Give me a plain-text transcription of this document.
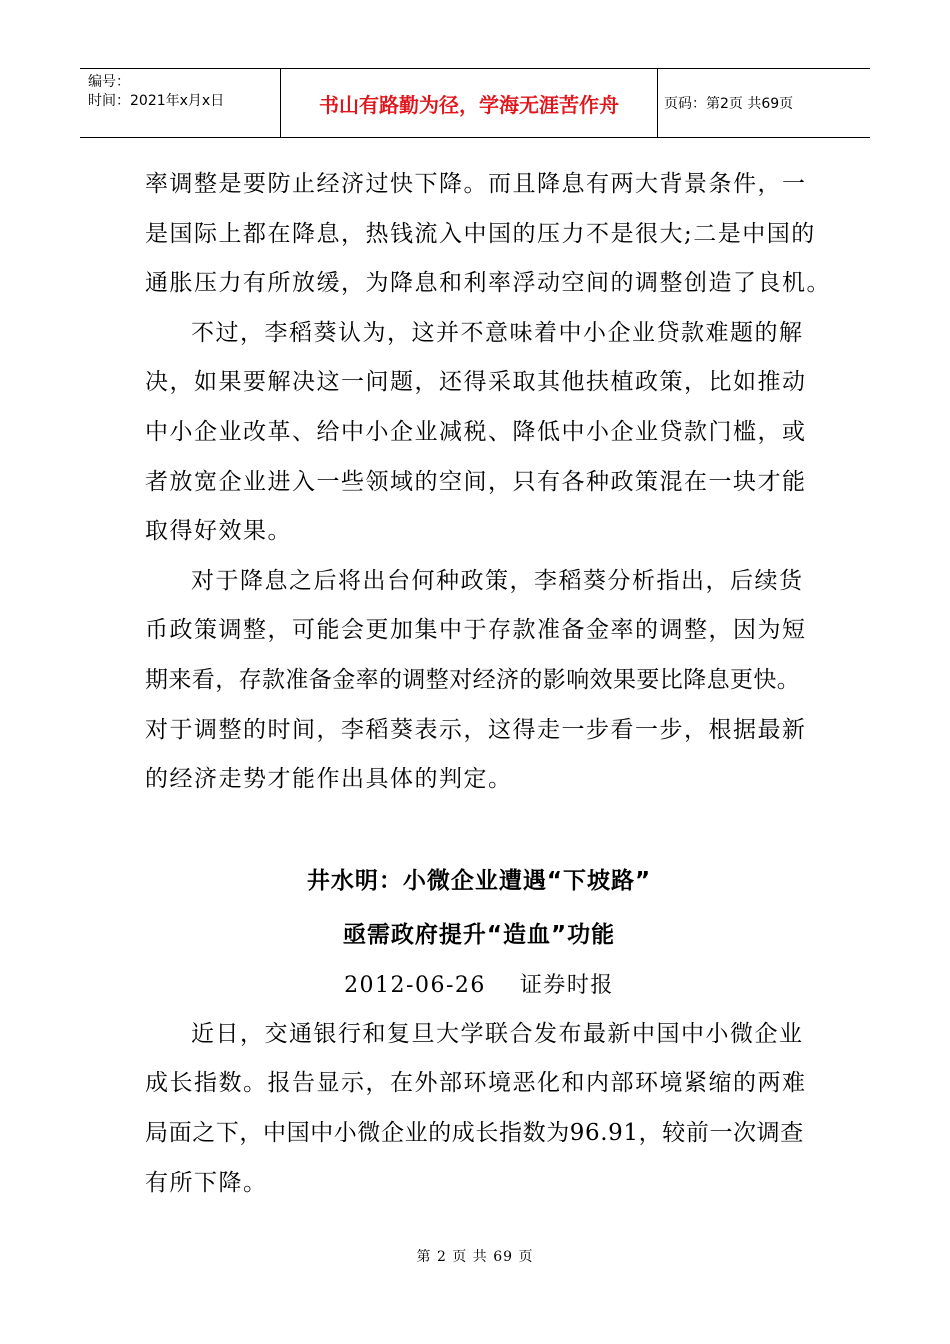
编号：
时间：2021年x月x日	书山有路勤为径，学海无涯苦作舟	页码：第2页 共69页

率调整是要防止经济过快下降。而且降息有两大背景条件，一
是国际上都在降息，热钱流入中国的压力不是很大;二是中国的
通胀压力有所放缓，为降息和利率浮动空间的调整创造了良机。

不过，李稻葵认为，这并不意味着中小企业贷款难题的解
决，如果要解决这一问题，还得采取其他扶植政策，比如推动
中小企业改革、给中小企业减税、降低中小企业贷款门槛，或
者放宽企业进入一些领域的空间，只有各种政策混在一块才能
取得好效果。

对于降息之后将出台何种政策，李稻葵分析指出，后续货
币政策调整，可能会更加集中于存款准备金率的调整，因为短
期来看，存款准备金率的调整对经济的影响效果要比降息更快。
对于调整的时间，李稻葵表示，这得走一步看一步，根据最新
的经济走势才能作出具体的判定。

井水明：小微企业遭遇“下坡路”
亟需政府提升“造血”功能
2012-06-26 证券时报

近日，交通银行和复旦大学联合发布最新中国中小微企业
成长指数。报告显示，在外部环境恶化和内部环境紧缩的两难
局面之下，中国中小微企业的成长指数为96.91，较前一次调查
有所下降。

第 2 页 共 69 页
